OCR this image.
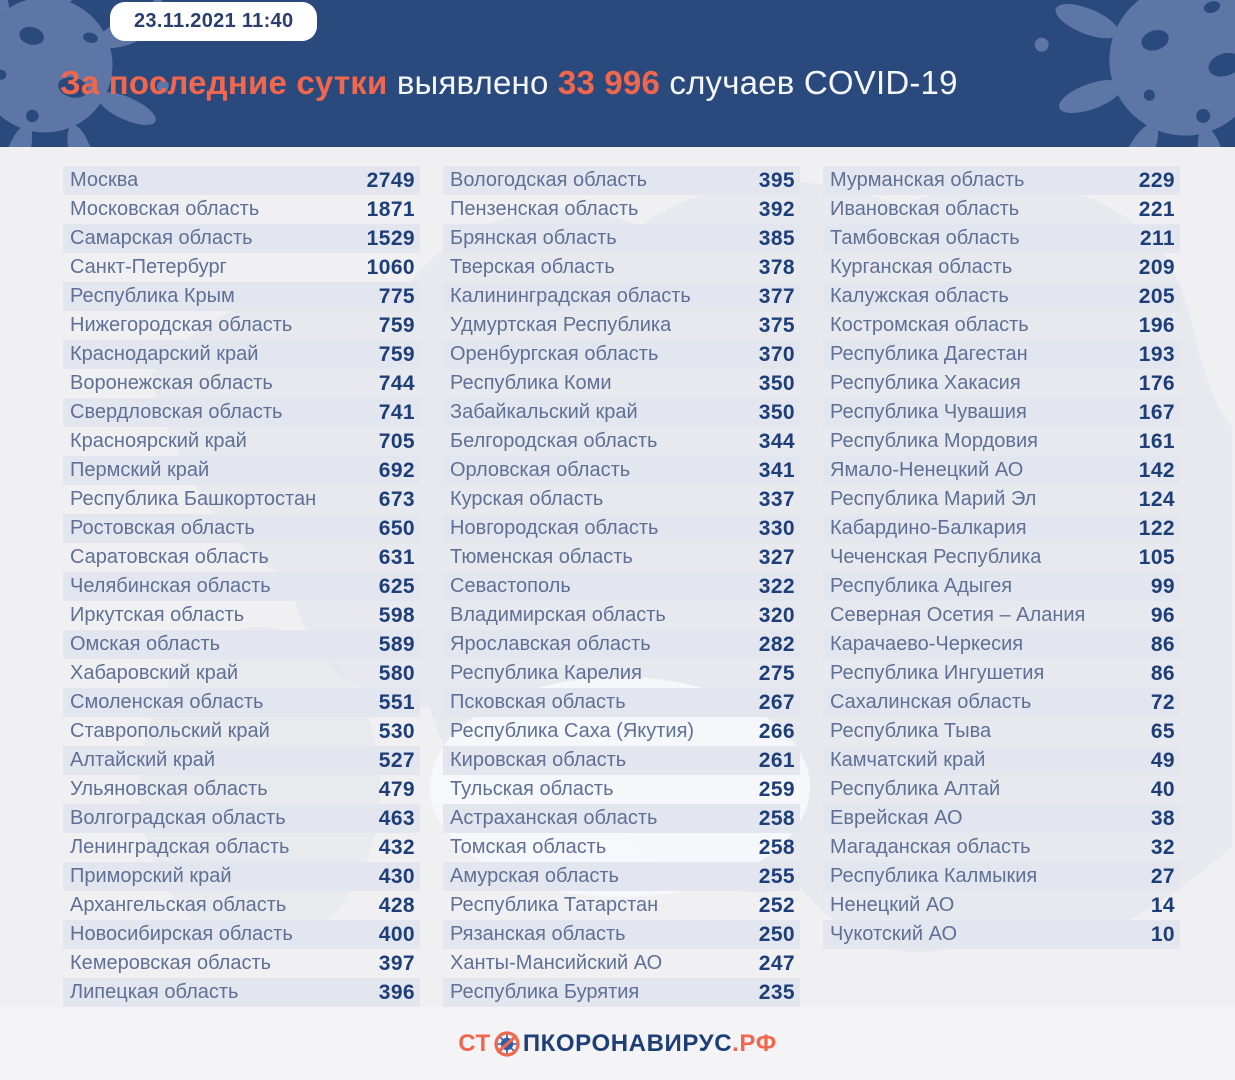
23.11.2021 11:40
За последние сутки выявлено 33 996 случаев COVID-19
Москва	2749
Московская область	1871
Самарская область	1529
Санкт-Петербург	1060
Республика Крым	775
Нижегородская область	759
Краснодарский край	759
Воронежская область	744
Свердловская область	741
Красноярский край	705
Пермский край	692
Республика Башкортостан	673
Ростовская область	650
Саратовская область	631
Челябинская область	625
Иркутская область	598
Омская область	589
Хабаровский край	580
Смоленская область	551
Ставропольский край	530
Алтайский край	527
Ульяновская область	479
Волгоградская область	463
Ленинградская область	432
Приморский край	430
Архангельская область	428
Новосибирская область	400
Кемеровская область	397
Липецкая область	396
Вологодская область	395
Пензенская область	392
Брянская область	385
Тверская область	378
Калининградская область	377
Удмуртская Республика	375
Оренбургская область	370
Республика Коми	350
Забайкальский край	350
Белгородская область	344
Орловская область	341
Курская область	337
Новгородская область	330
Тюменская область	327
Севастополь	322
Владимирская область	320
Ярославская область	282
Республика Карелия	275
Псковская область	267
Республика Саха (Якутия)	266
Кировская область	261
Тульская область	259
Астраханская область	258
Томская область	258
Амурская область	255
Республика Татарстан	252
Рязанская область	250
Ханты-Мансийский АО	247
Республика Бурятия	235
Мурманская область	229
Ивановская область	221
Тамбовская область	211
Курганская область	209
Калужская область	205
Костромская область	196
Республика Дагестан	193
Республика Хакасия	176
Республика Чувашия	167
Республика Мордовия	161
Ямало-Ненецкий АО	142
Республика Марий Эл	124
Кабардино-Балкария	122
Чеченская Республика	105
Республика Адыгея	99
Северная Осетия – Алания	96
Карачаево-Черкесия	86
Республика Ингушетия	86
Сахалинская область	72
Республика Тыва	65
Камчатский край	49
Республика Алтай	40
Еврейская АО	38
Магаданская область	32
Республика Калмыкия	27
Ненецкий АО	14
Чукотский АО	10
СТ ПКОРОНАВИРУС .РФ
